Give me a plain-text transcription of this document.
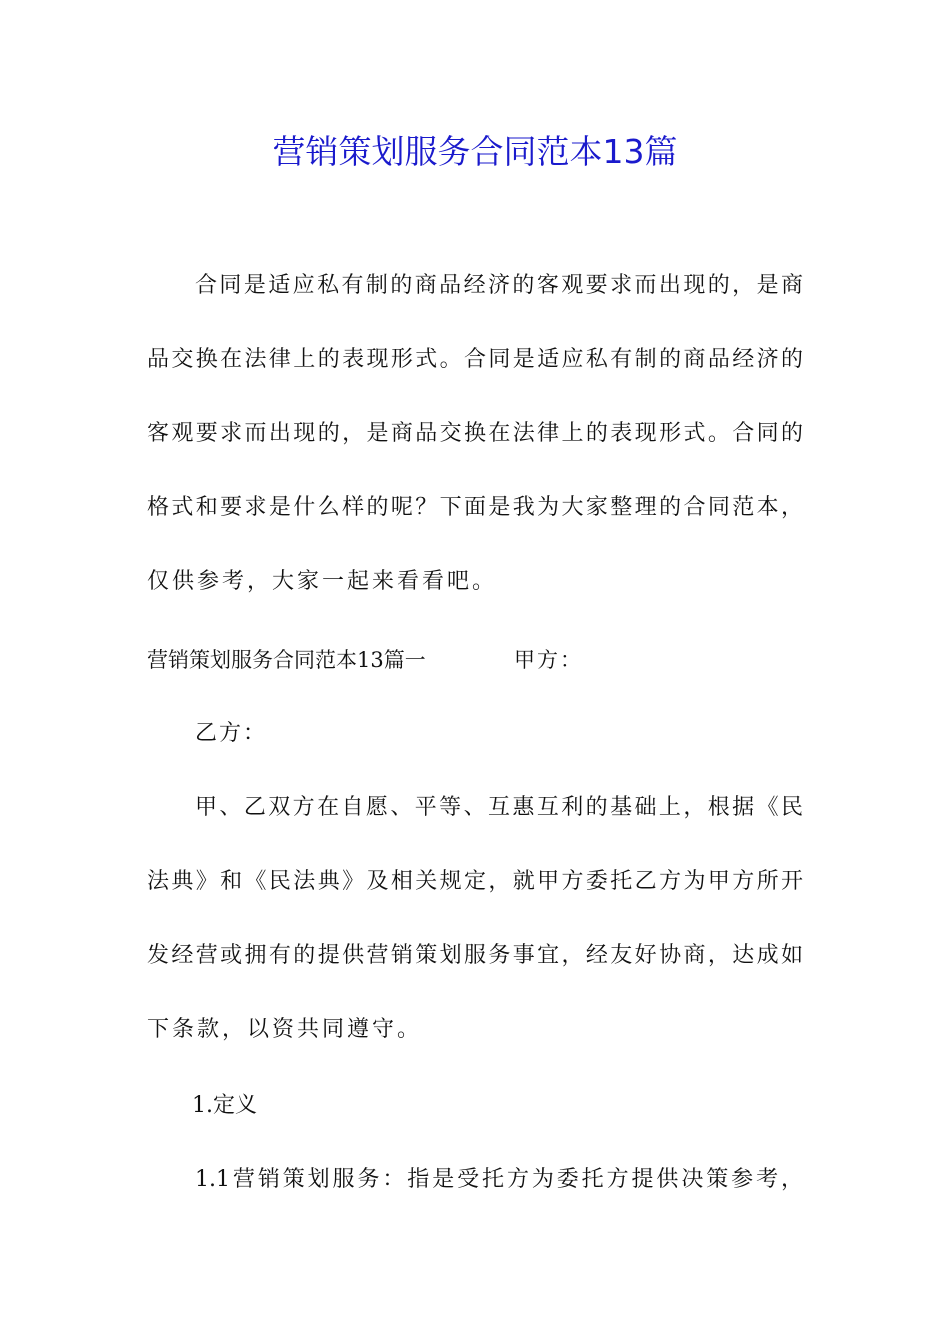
营销策划服务合同范本13篇

合同是适应私有制的商品经济的客观要求而出现的，是商

品交换在法律上的表现形式。合同是适应私有制的商品经济的

客观要求而出现的，是商品交换在法律上的表现形式。合同的

格式和要求是什么样的呢？下面是我为大家整理的合同范本，

仅供参考，大家一起来看看吧。

营销策划服务合同范本13篇一	甲方：

乙方：

甲、乙双方在自愿、平等、互惠互利的基础上，根据《民

法典》和《民法典》及相关规定，就甲方委托乙方为甲方所开

发经营或拥有的提供营销策划服务事宜，经友好协商，达成如

下条款，以资共同遵守。

1.定义

1.1营销策划服务：指是受托方为委托方提供决策参考，
